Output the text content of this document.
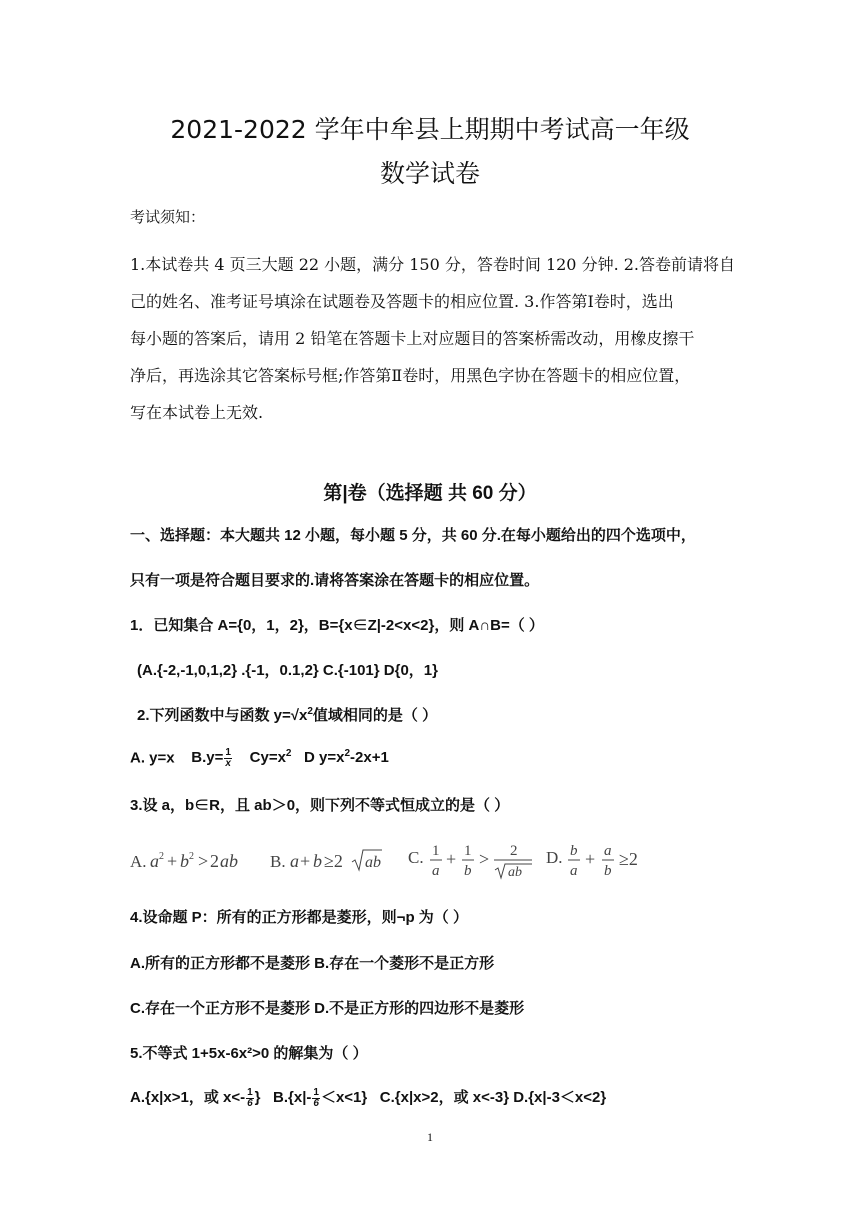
2021-2022 学年中牟县上期期中考试高一年级
数学试卷
考试须知：
1.本试卷共 4 页三大题 22 小题，满分 150 分，答卷时间 120 分钟. 2.答卷前请将自
己的姓名、准考证号填涂在试题卷及答题卡的相应位置. 3.作答第Ⅰ卷时，选出
每小题的答案后，请用 2 铅笔在答题卡上对应题目的答案桥需改动，用橡皮擦干
净后，再选涂其它答案标号框;作答第Ⅱ卷时，用黑色字协在答题卡的相应位置，
写在本试卷上无效.
第|卷（选择题 共 60 分）
一、选择题：本大题共 12 小题，每小题 5 分，共 60 分.在每小题给出的四个选项中，
只有一项是符合题目要求的.请将答案涂在答题卡的相应位置。
1．已知集合 A={0，1，2}，B={x∈Z|-2<x<2}，则 A∩B=（ ）
(A.{-2,-1,0,1,2} .{-1，0.1,2} C.{-101} D{0，1}
2.下列函数中与函数 $y=√x^2$值域相同的是（ ）
A. y=x $B.y= \frac{1}{x} Cy=x^2$ D $y=x^2-2x+1$
3.设 a，b∈R，且 ab＞0，则下列不等式恒成立的是（ ）
A. a 2 + b 2 > 2 ab B. a + b ≥2 ab C. 1
a
+ 1
b
> 2
ab
D. b
a
+ a
b
≥2
4.设命题 P：所有的正方形都是菱形，则¬p 为（ ）
A.所有的正方形都不是菱形 B.存在一个菱形不是正方形
C.存在一个正方形不是菱形 D.不是正方形的四边形不是菱形
5.不等式 1+5x-6x²>0 的解集为（ ）
A.{x|x>1，或 $x<- \frac{1}{6}$ } $B.\{x|- \frac{1}{6} <x<1\}$ C.{x|x>2，或 x<-3} D.{x|-3＜x<2}
1
